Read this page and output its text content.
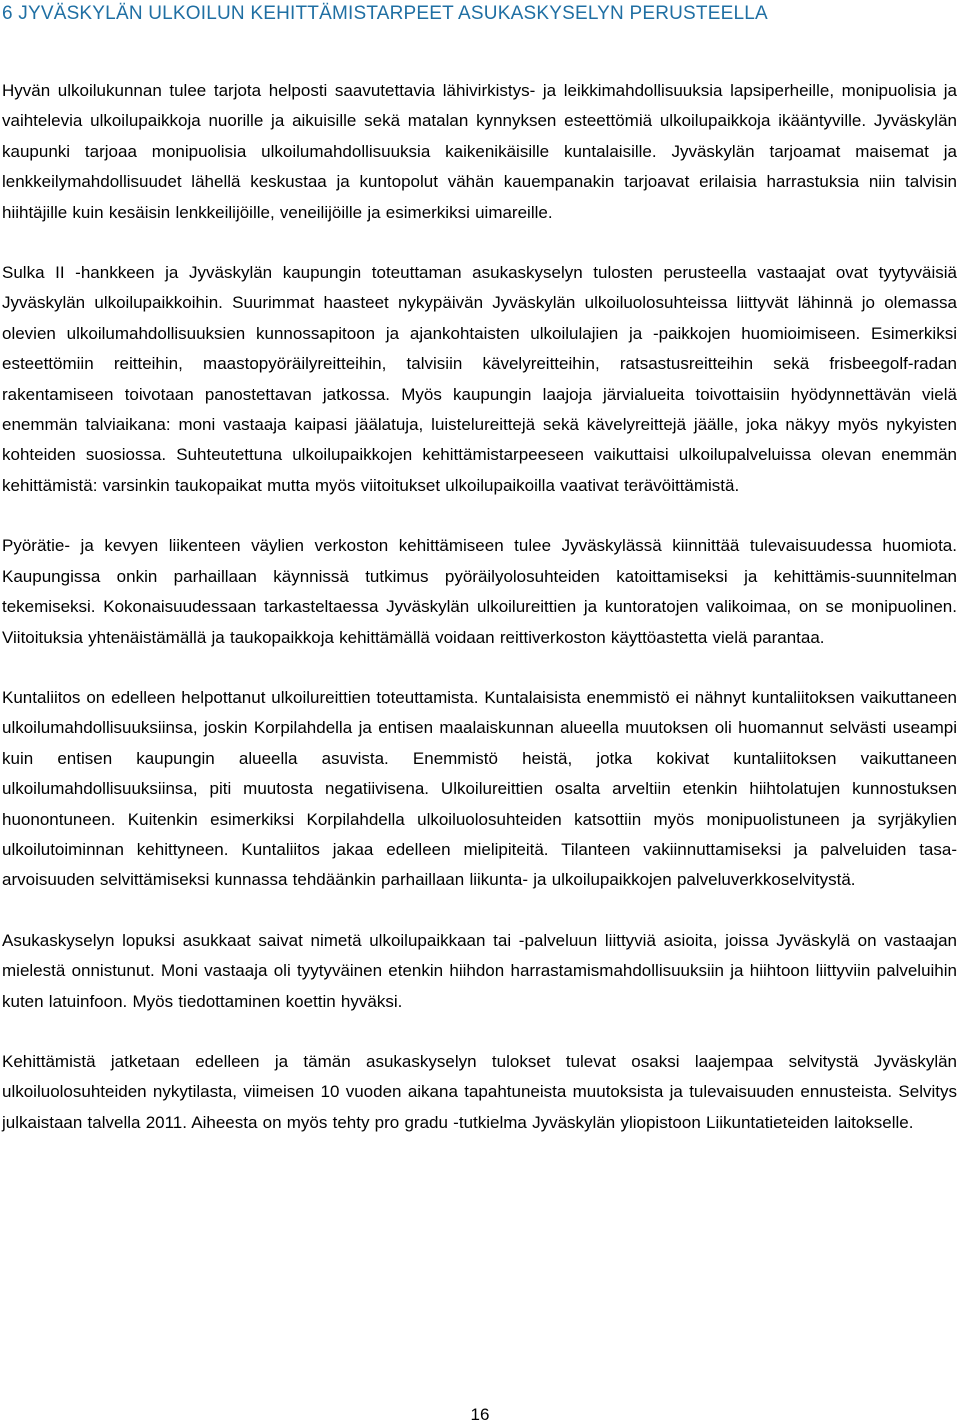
6 JYVÄSKYLÄN ULKOILUN KEHITTÄMISTARPEET ASUKASKYSELYN PERUSTEELLA

Hyvän ulkoilukunnan tulee tarjota helposti saavutettavia lähivirkistys- ja leikkimahdollisuuksia lapsiperheille, monipuolisia ja vaihtelevia ulkoilupaikkoja nuorille ja aikuisille sekä matalan kynnyksen esteettömiä ulkoilupaikkoja ikääntyville. Jyväskylän kaupunki tarjoaa monipuolisia ulkoilumahdollisuuksia kaikenikäisille kuntalaisille. Jyväskylän tarjoamat maisemat ja lenkkeilymahdollisuudet lähellä keskustaa ja kuntopolut vähän kauempanakin tarjoavat erilaisia harrastuksia niin talvisin hiihtäjille kuin kesäisin lenkkeilijöille, veneilijöille ja esimerkiksi uimareille.

Sulka II -hankkeen ja Jyväskylän kaupungin toteuttaman asukaskyselyn tulosten perusteella vastaajat ovat tyytyväisiä Jyväskylän ulkoilupaikkoihin. Suurimmat haasteet nykypäivän Jyväskylän ulkoiluolosuhteissa liittyvät lähinnä jo olemassa olevien ulkoilumahdollisuuksien kunnossapitoon ja ajankohtaisten ulkoilulajien ja -paikkojen huomioimiseen. Esimerkiksi esteettömiin reitteihin, maastopyöräilyreitteihin, talvisiin kävelyreitteihin, ratsastusreitteihin sekä frisbeegolf-radan rakentamiseen toivotaan panostettavan jatkossa. Myös kaupungin laajoja järvialueita toivottaisiin hyödynnettävän vielä enemmän talviaikana: moni vastaaja kaipasi jäälatuja, luistelureittejä sekä kävelyreittejä jäälle, joka näkyy myös nykyisten kohteiden suosiossa. Suhteutettuna ulkoilupaikkojen kehittämistarpeeseen vaikuttaisi ulkoilupalveluissa olevan enemmän kehittämistä: varsinkin taukopaikat mutta myös viitoitukset ulkoilupaikoilla vaativat terävöittämistä.

Pyörätie- ja kevyen liikenteen väylien verkoston kehittämiseen tulee Jyväskylässä kiinnittää tulevaisuudessa huomiota. Kaupungissa onkin parhaillaan käynnissä tutkimus pyöräilyolosuhteiden katoittamiseksi ja kehittämis-suunnitelman tekemiseksi. Kokonaisuudessaan tarkasteltaessa Jyväskylän ulkoilureittien ja kuntoratojen valikoimaa, on se monipuolinen. Viitoituksia yhtenäistämällä ja taukopaikkoja kehittämällä voidaan reittiverkoston käyttöastetta vielä parantaa.

Kuntaliitos on edelleen helpottanut ulkoilureittien toteuttamista. Kuntalaisista enemmistö ei nähnyt kuntaliitoksen vaikuttaneen ulkoilumahdollisuuksiinsa, joskin Korpilahdella ja entisen maalaiskunnan alueella muutoksen oli huomannut selvästi useampi kuin entisen kaupungin alueella asuvista. Enemmistö heistä, jotka kokivat kuntaliitoksen vaikuttaneen ulkoilumahdollisuuksiinsa, piti muutosta negatiivisena. Ulkoilureittien osalta arveltiin etenkin hiihtolatujen kunnostuksen huonontuneen. Kuitenkin esimerkiksi Korpilahdella ulkoiluolosuhteiden katsottiin myös monipuolistuneen ja syrjäkylien ulkoilutoiminnan kehittyneen. Kuntaliitos jakaa edelleen mielipiteitä. Tilanteen vakiinnuttamiseksi ja palveluiden tasa-arvoisuuden selvittämiseksi kunnassa tehdäänkin parhaillaan liikunta- ja ulkoilupaikkojen palveluverkkoselvitystä.

Asukaskyselyn lopuksi asukkaat saivat nimetä ulkoilupaikkaan tai -palveluun liittyviä asioita, joissa Jyväskylä on vastaajan mielestä onnistunut. Moni vastaaja oli tyytyväinen etenkin hiihdon harrastamismahdollisuuksiin ja hiihtoon liittyviin palveluihin kuten latuinfoon. Myös tiedottaminen koettin hyväksi.

Kehittämistä jatketaan edelleen ja tämän asukaskyselyn tulokset tulevat osaksi laajempaa selvitystä Jyväskylän ulkoiluolosuhteiden nykytilasta, viimeisen 10 vuoden aikana tapahtuneista muutoksista ja tulevaisuuden ennusteista. Selvitys julkaistaan talvella 2011. Aiheesta on myös tehty pro gradu -tutkielma Jyväskylän yliopistoon Liikuntatieteiden laitokselle.

16
